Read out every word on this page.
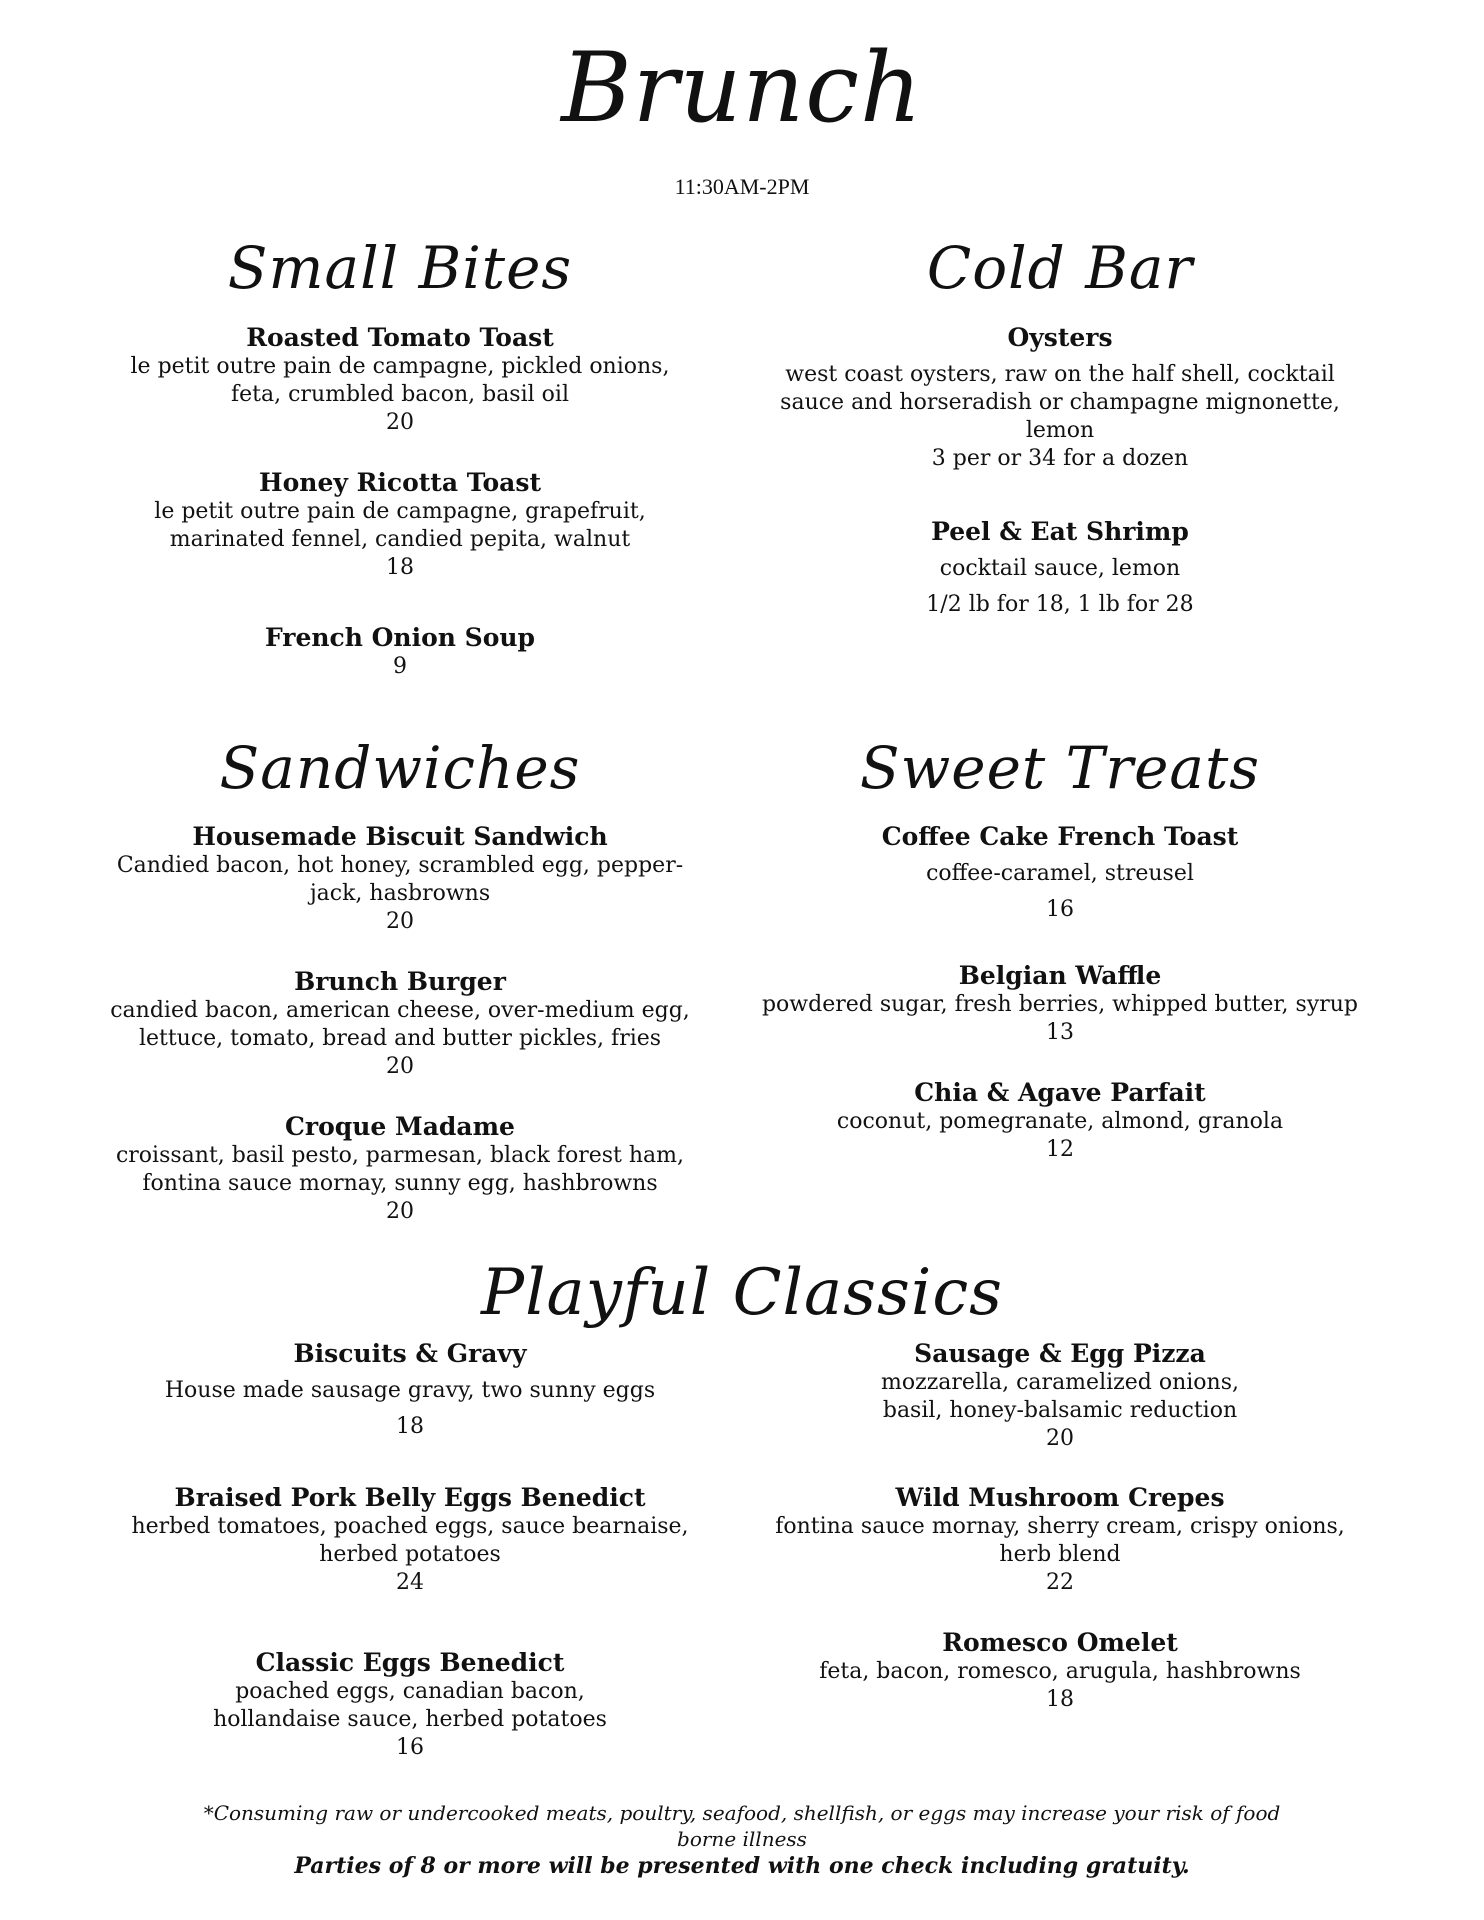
Brunch
11:30AM-2PM
Small Bites
Roasted Tomato Toast
le petit outre pain de campagne, pickled onions, feta, crumbled bacon, basil oil
20
Honey Ricotta Toast
le petit outre pain de campagne, grapefruit, marinated fennel, candied pepita, walnut
18
French Onion Soup
9
Cold Bar
Oysters
west coast oysters, raw on the half shell, cocktail sauce and horseradish or champagne mignonette, lemon
3 per or 34 for a dozen
Peel & Eat Shrimp
cocktail sauce, lemon
1/2 lb for 18, 1 lb for 28
Sandwiches
Housemade Biscuit Sandwich
Candied bacon, hot honey, scrambled egg, pepper-jack, hasbrowns
20
Brunch Burger
candied bacon, american cheese, over-medium egg, lettuce, tomato, bread and butter pickles, fries
20
Croque Madame
croissant, basil pesto, parmesan, black forest ham, fontina sauce mornay, sunny egg, hashbrowns
20
Sweet Treats
Coffee Cake French Toast
coffee-caramel, streusel
16
Belgian Waffle
powdered sugar, fresh berries, whipped butter, syrup
13
Chia & Agave Parfait
coconut, pomegranate, almond, granola
12
Playful Classics
Biscuits & Gravy
House made sausage gravy, two sunny eggs
18
Braised Pork Belly Eggs Benedict
herbed tomatoes, poached eggs, sauce bearnaise, herbed potatoes
24
Classic Eggs Benedict
poached eggs, canadian bacon, hollandaise sauce, herbed potatoes
16
Sausage & Egg Pizza
mozzarella, caramelized onions, basil, honey-balsamic reduction
20
Wild Mushroom Crepes
fontina sauce mornay, sherry cream, crispy onions, herb blend
22
Romesco Omelet
feta, bacon, romesco, arugula, hashbrowns
18
*Consuming raw or undercooked meats, poultry, seafood, shellfish, or eggs may increase your risk of food borne illness
Parties of 8 or more will be presented with one check including gratuity.
